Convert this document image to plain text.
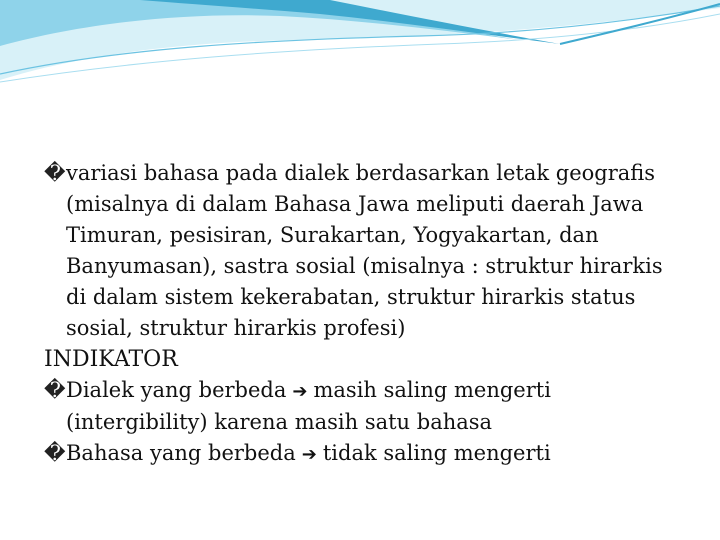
�variasi bahasa pada dialek berdasarkan letak geografis (misalnya di dalam Bahasa Jawa meliputi daerah Jawa Timuran, pesisiran, Surakartan, Yogyakartan, dan Banyumasan), sastra sosial (misalnya : struktur hirarkis di dalam sistem kekerabatan, struktur hirarkis status sosial, struktur hirarkis profesi)

INDIKATOR

�Dialek yang berbeda ➔ masih saling mengerti (intergibility) karena masih satu bahasa

�Bahasa yang berbeda ➔ tidak saling mengerti
